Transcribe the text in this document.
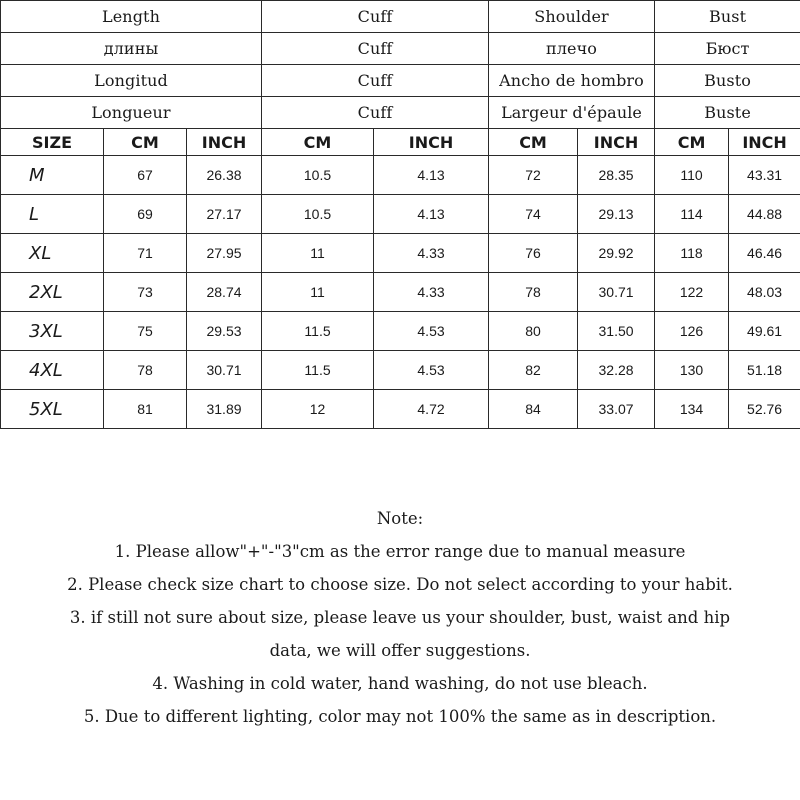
Length			Cuff		Shoulder		Bust	
длины			Cuff		плечо		Бюст	
Longitud			Cuff		Ancho de hombro		Busto	
Longueur			Cuff		Largeur d'épaule		Buste	
SIZE	CM	INCH	CM	INCH	CM	INCH	CM	INCH
M	67	26.38	10.5	4.13	72	28.35	110	43.31
L	69	27.17	10.5	4.13	74	29.13	114	44.88
XL	71	27.95	11	4.33	76	29.92	118	46.46
2XL	73	28.74	11	4.33	78	30.71	122	48.03
3XL	75	29.53	11.5	4.53	80	31.50	126	49.61
4XL	78	30.71	11.5	4.53	82	32.28	130	51.18
5XL	81	31.89	12	4.72	84	33.07	134	52.76

Note:

1. Please allow"+"-"3"cm as the error range due to manual measure

2. Please check size chart to choose size. Do not select according to your habit.

3. if still not sure about size, please leave us your shoulder, bust, waist and hip

data, we will offer suggestions.

4. Washing in cold water, hand washing, do not use bleach.

5. Due to different lighting, color may not 100% the same as in description.
